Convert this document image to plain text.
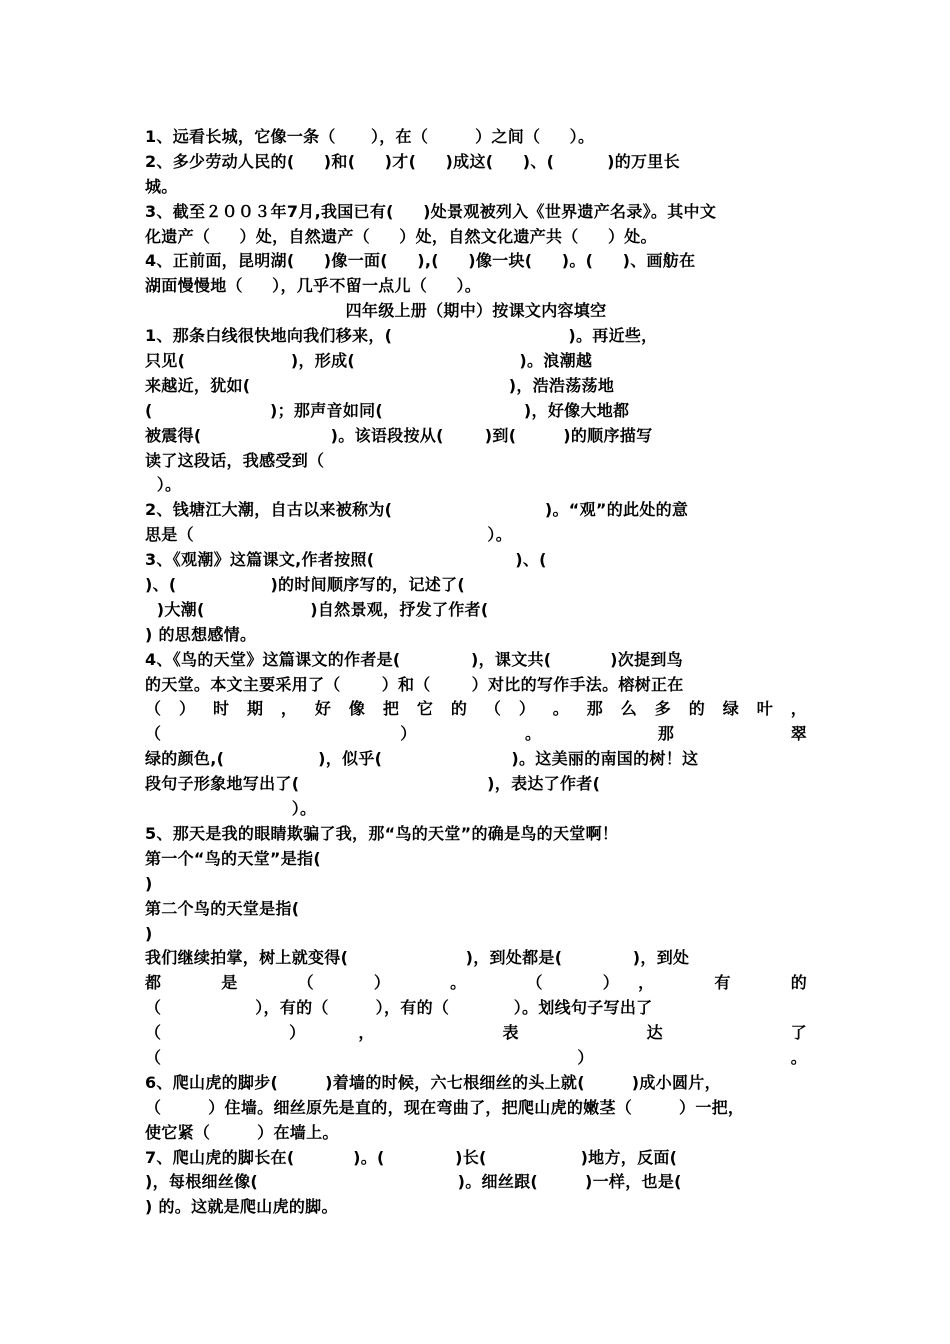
1、远看长城，它像一条（      ），在（        ）之间（     ）。
2、多少劳动人民的(     )和(     )才(     )成这(     )、(         )的万里长
城。
3、截至２００３年7月,我国已有(     )处景观被列入《世界遗产名录》。其中文
化遗产（     ）处，自然遗产（     ）处，自然文化遗产共（     ）处。
4、正前面，昆明湖(     )像一面(     ),(     )像一块(     )。(     )、画舫在
湖面慢慢地（     ），几乎不留一点儿（     ）。
四年级上册（期中）按课文内容填空
1、那条白线很快地向我们移来，(                              )。再近些，
只见(                  )，形成(                            )。浪潮越
来越近，犹如(                                            )，浩浩荡荡地
(                    )；那声音如同(                        )，好像大地都
被震得(                      )。该语段按从(       )到(        )的顺序描写
读了这段话，我感受到（
）。
2、钱塘江大潮，自古以来被称为(                          )。“观”的此处的意
思是（                                                  ）。
3、《观潮》这篇课文,作者按照(                        )、(
)、(                )的时间顺序写的，记述了(
)大潮(                  )自然景观，抒发了作者(
) 的思想感情。
4、《鸟的天堂》这篇课文的作者是(            )，课文共(          )次提到鸟
的天堂。本文主要采用了（       ）和（       ）对比的写作手法。榕树正在
（ ） 时 期 ， 好 像 把 它 的 （ ） 。 那 么 多 的 绿 叶 ，
（ ）。那翠
绿的颜色,(                )，似乎(                      )。这美丽的南国的树！这
段句子形象地写出了(                                )，表达了作者(
）。
5、那天是我的眼睛欺骗了我，那“鸟的天堂”的确是鸟的天堂啊！
第一个“鸟的天堂”是指(
)
第二个鸟的天堂是指(
)
我们继续拍掌，树上就变得(                    )，到处都是(            )，到处
都 是 （ ） 。 （ ）， 有 的
（                ），有的（        ），有的（           ）。划线句子写出了
（ ）， 表 达 了
（ ）。
6、爬山虎的脚步(        )着墙的时候，六七根细丝的头上就(        )成小圆片，
（        ）住墙。细丝原先是直的，现在弯曲了，把爬山虎的嫩茎（        ）一把，
使它紧（        ）在墙上。
7、爬山虎的脚长在(          )。(            )长(                )地方，反面(
)，每根细丝像(                                  )。细丝跟(        )一样，也是(
) 的。这就是爬山虎的脚。
